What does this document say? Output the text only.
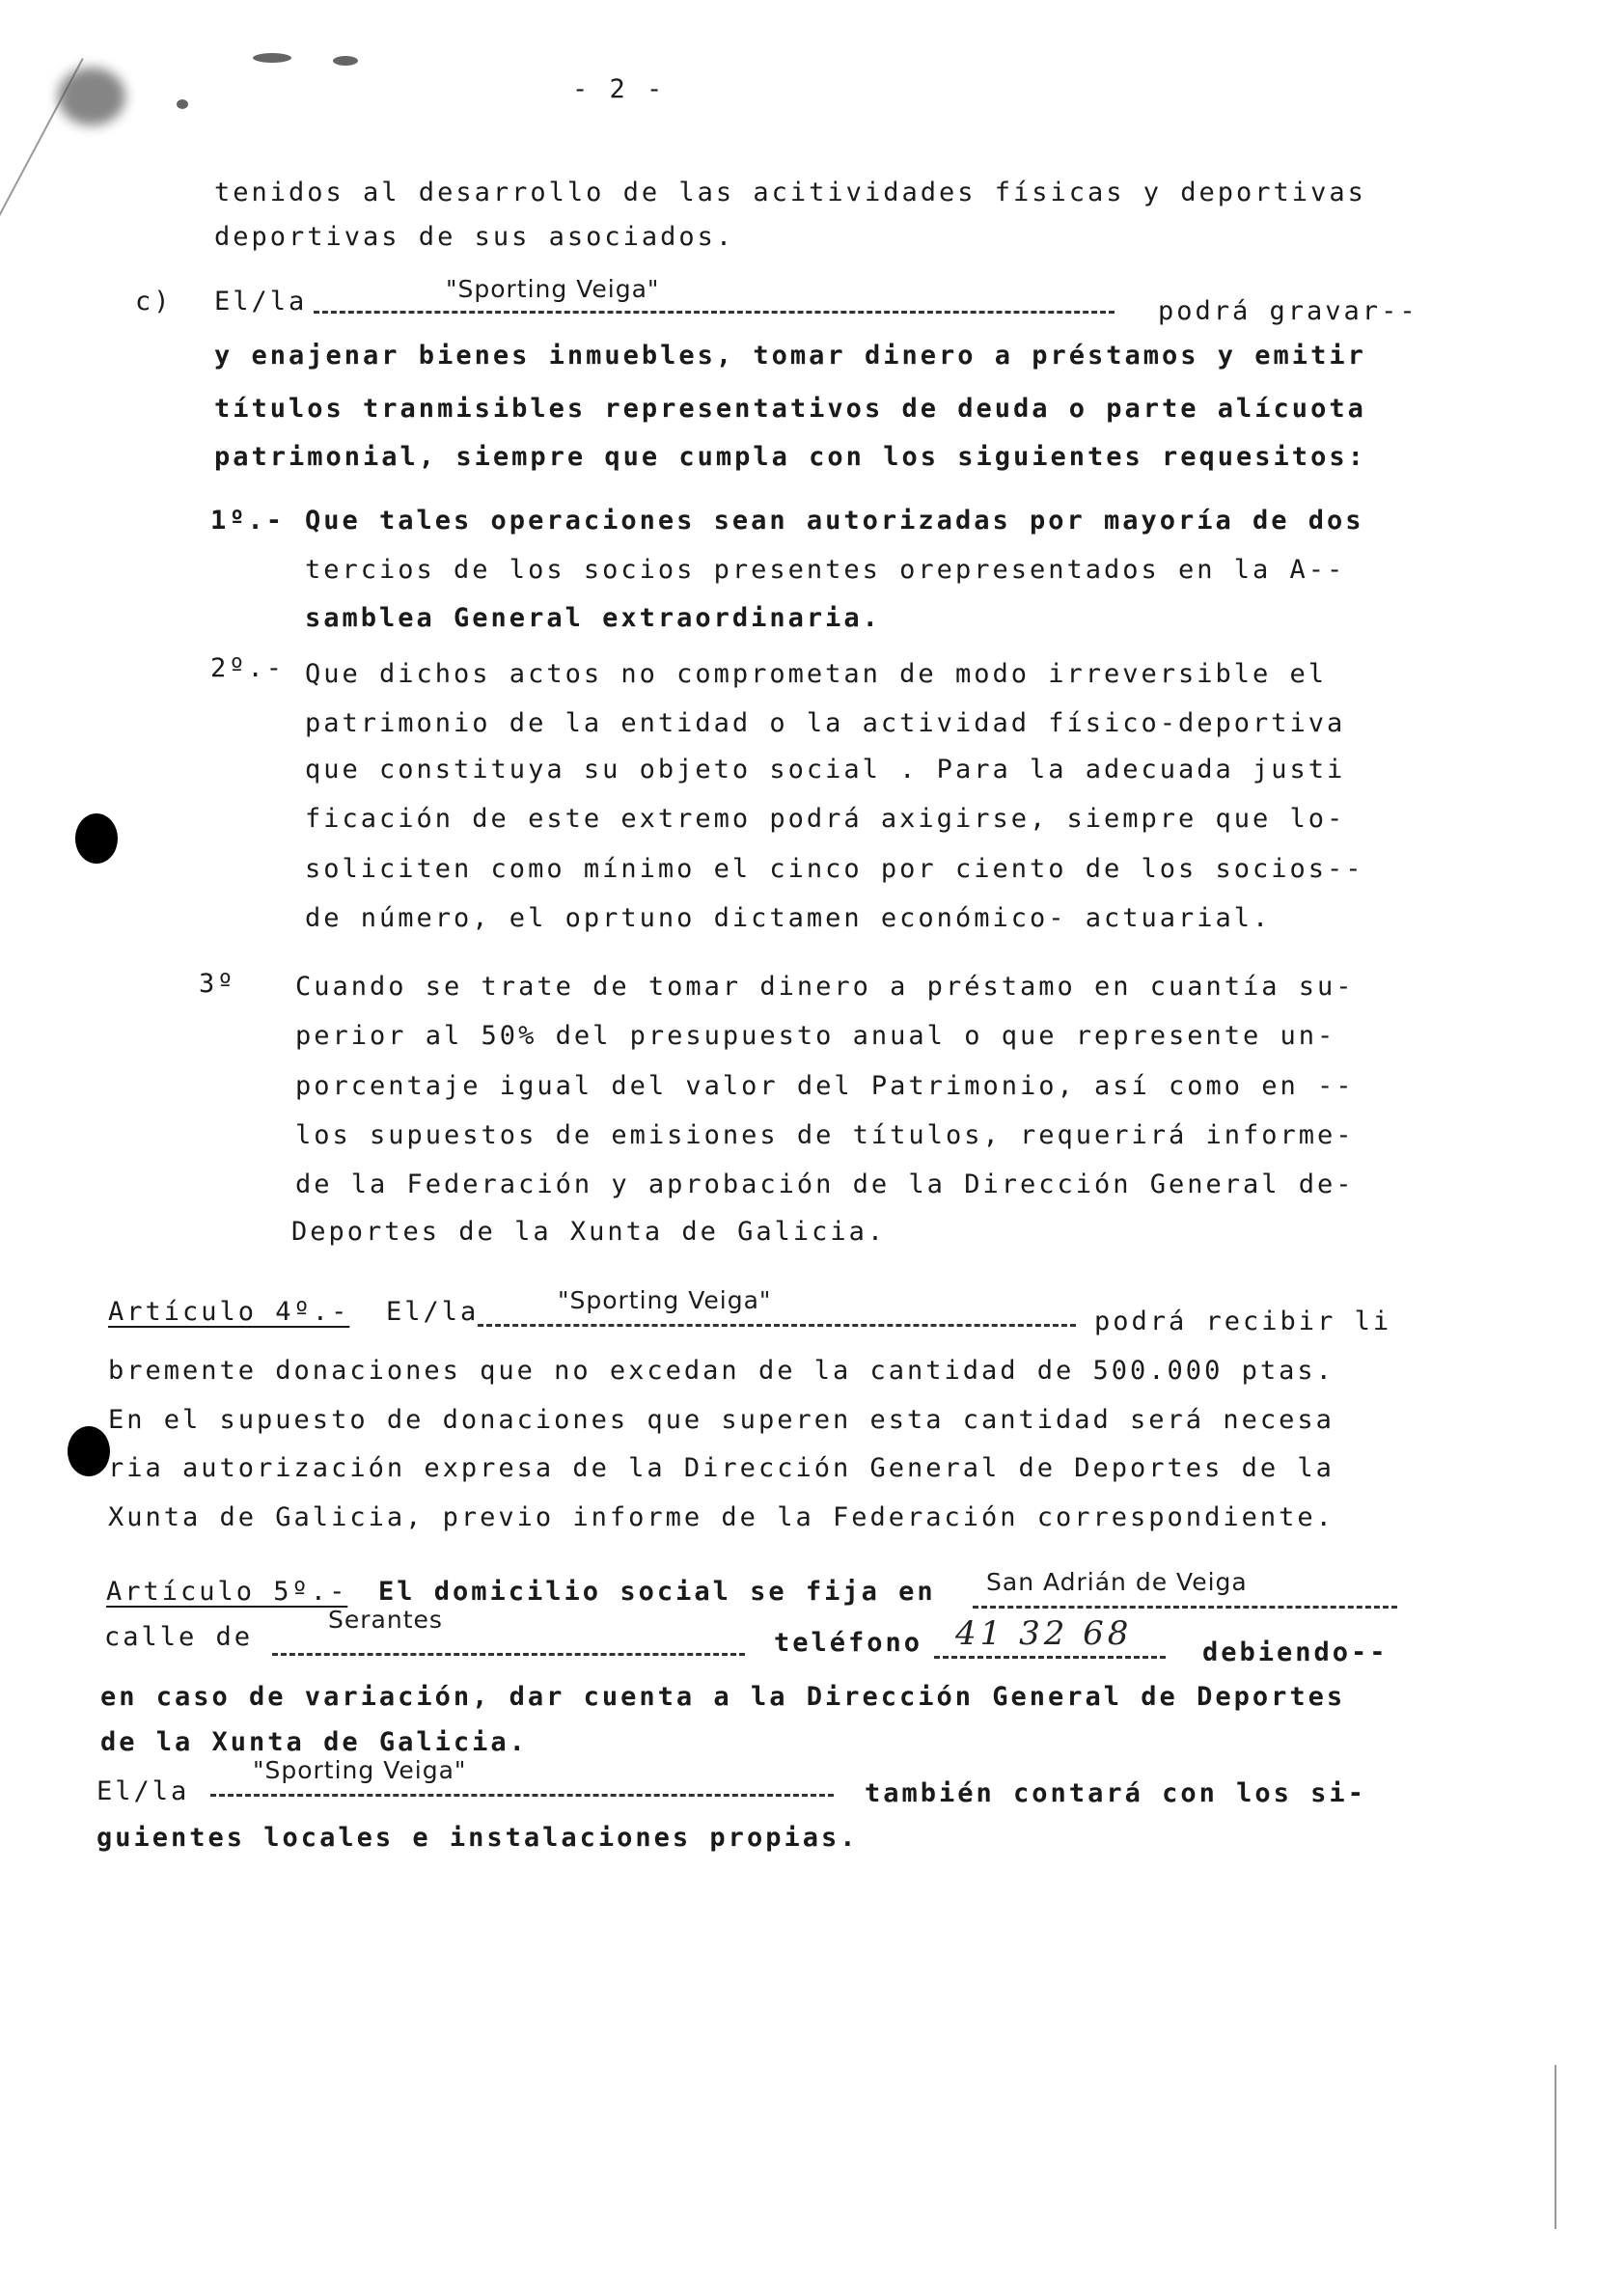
- 2 -
tenidos al desarrollo de las acitividades físicas y deportivas
deportivas de sus asociados.
c) El/la	"Sporting Veiga"
podrá gravar--
y enajenar bienes inmuebles, tomar dinero a préstamos y emitir
títulos tranmisibles representativos de deuda o parte alícuota
patrimonial, siempre que cumpla con los siguientes requesitos:
1º.- Que tales operaciones sean autorizadas por mayoría de dos
tercios de los socios presentes orepresentados en la A--
samblea General extraordinaria.
2º.- Que dichos actos no comprometan de modo irreversible el
patrimonio de la entidad o la actividad físico-deportiva
que constituya su objeto social . Para la adecuada justi
ficación de este extremo podrá axigirse, siempre que lo-
soliciten como mínimo el cinco por ciento de los socios--
de número, el oprtuno dictamen económico- actuarial.
3º Cuando se trate de tomar dinero a préstamo en cuantía su-
perior al 50% del presupuesto anual o que represente un-
porcentaje igual del valor del Patrimonio, así como en --
los supuestos de emisiones de títulos, requerirá informe-
de la Federación y aprobación de la Dirección General de-
Deportes de la Xunta de Galicia.
Artículo 4º.- El/la	"Sporting Veiga"
podrá recibir li
bremente donaciones que no excedan de la cantidad de 500.000 ptas.
En el supuesto de donaciones que superen esta cantidad será necesa
ria autorización expresa de la Dirección General de Deportes de la
Xunta de Galicia, previo informe de la Federación correspondiente.
Artículo 5º.- El domicilio social se fija en San Adrián de Veiga
calle de
Serantes
teléfono 41 32 68	debiendo--
en caso de variación, dar cuenta a la Dirección General de Deportes
de la Xunta de Galicia.
El/la
"Sporting Veiga"
también contará con los si-
guientes locales e instalaciones propias.
